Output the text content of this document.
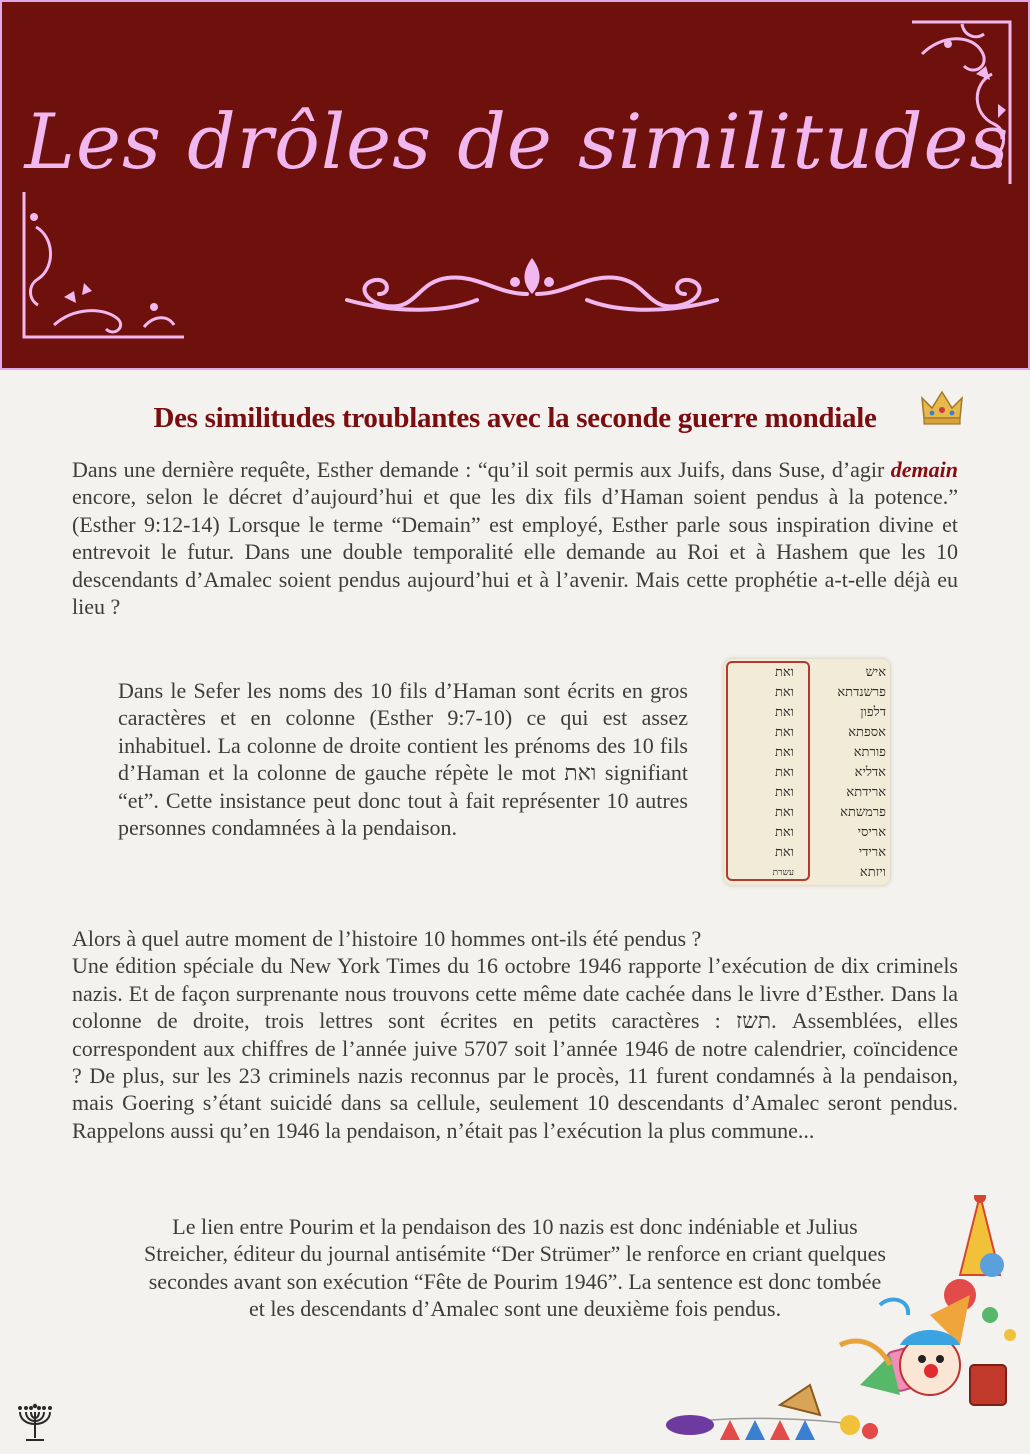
Les drôles de similitudes
Des similitudes troublantes avec la seconde guerre mondiale
Dans une dernière requête, Esther demande : “qu’il soit permis aux Juifs, dans Suse, d’agir demain encore, selon le décret d’aujourd’hui et que les dix fils d’Haman soient pendus à la potence.” (Esther 9:12-14) Lorsque le terme “Demain” est employé, Esther parle sous inspiration divine et entrevoit le futur. Dans une double temporalité elle demande au Roi et à Hashem que les 10 descendants d’Amalec soient pendus aujourd’hui et à l’avenir. Mais cette prophétie a-t-elle déjà eu lieu ?
Dans le Sefer les noms des 10 fils d’Haman sont écrits en gros caractères et en colonne (Esther 9:7-10) ce qui est assez inhabituel. La colonne de droite contient les prénoms des 10 fils d’Haman et la colonne de gauche répète le mot ואת signifiant “et”. Cette insistance peut donc tout à fait représenter 10 autres personnes condamnées à la pendaison.
ואת
ואת
ואת
ואת
ואת
ואת
ואת
ואת
ואת
ואת
עשרת
איש
פרשנדתא
דלפון
אספתא
פורתא
אדליא
ארידתא
פרמשתא
אריסי
ארידי
ויזתא
Alors à quel autre moment de l’histoire 10 hommes ont-ils été pendus ?
Une édition spéciale du New York Times du 16 octobre 1946 rapporte l’exécution de dix criminels nazis. Et de façon surprenante nous trouvons cette même date cachée dans le livre d’Esther. Dans la colonne de droite, trois lettres sont écrites en petits caractères : תשז. Assemblées, elles correspondent aux chiffres de l’année juive 5707 soit l’année 1946 de notre calendrier, coïncidence ? De plus, sur les 23 criminels nazis reconnus par le procès, 11 furent condamnés à la pendaison, mais Goering s’étant suicidé dans sa cellule, seulement 10 descendants d’Amalec seront pendus. Rappelons aussi qu’en 1946 la pendaison, n’était pas l’exécution la plus commune...
Le lien entre Pourim et la pendaison des 10 nazis est donc indéniable et Julius Streicher, éditeur du journal antisémite “Der Strümer” le renforce en criant quelques secondes avant son exécution “Fête de Pourim 1946”. La sentence est donc tombée et les descendants d’Amalec sont une deuxième fois pendus.
